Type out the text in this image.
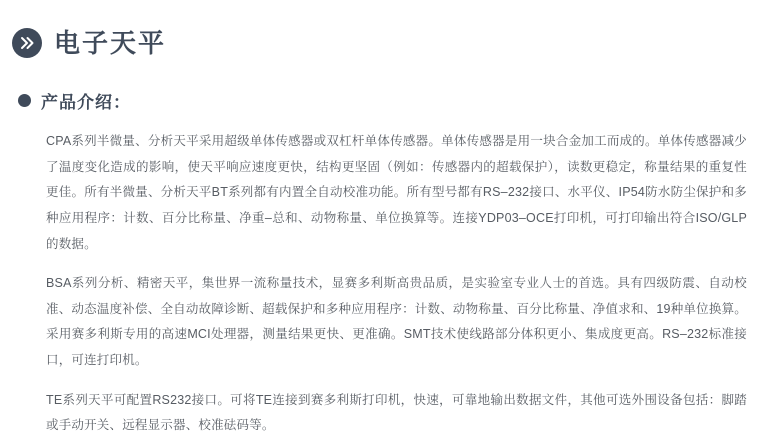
电子天平
产品介绍：

CPA系列半微量、分析天平采用超级单体传感器或双杠杆单体传感器。单体传感器是用一块合金加工而成的。单体传感器减少了温度变化造成的影响，使天平响应速度更快，结构更坚固（例如：传感器内的超载保护），读数更稳定，称量结果的重复性更佳。所有半微量、分析天平BT系列都有内置全自动校准功能。所有型号都有RS–232接口、水平仪、IP54防水防尘保护和多种应用程序：计数、百分比称量、净重–总和、动物称量、单位换算等。连接YDP03–OCE打印机，可打印输出符合ISO/GLP的数据。

BSA系列分析、精密天平，集世界一流称量技术，显赛多利斯高贵品质，是实验室专业人士的首选。具有四级防震、自动校准、动态温度补偿、全自动故障诊断、超载保护和多种应用程序：计数、动物称量、百分比称量、净值求和、19种单位换算。采用赛多利斯专用的高速MCI处理器，测量结果更快、更准确。SMT技术使线路部分体积更小、集成度更高。RS–232标准接口，可连打印机。

TE系列天平可配置RS232接口。可将TE连接到赛多利斯打印机，快速，可靠地输出数据文件，其他可选外围设备包括：脚踏或手动开关、远程显示器、校准砝码等。
